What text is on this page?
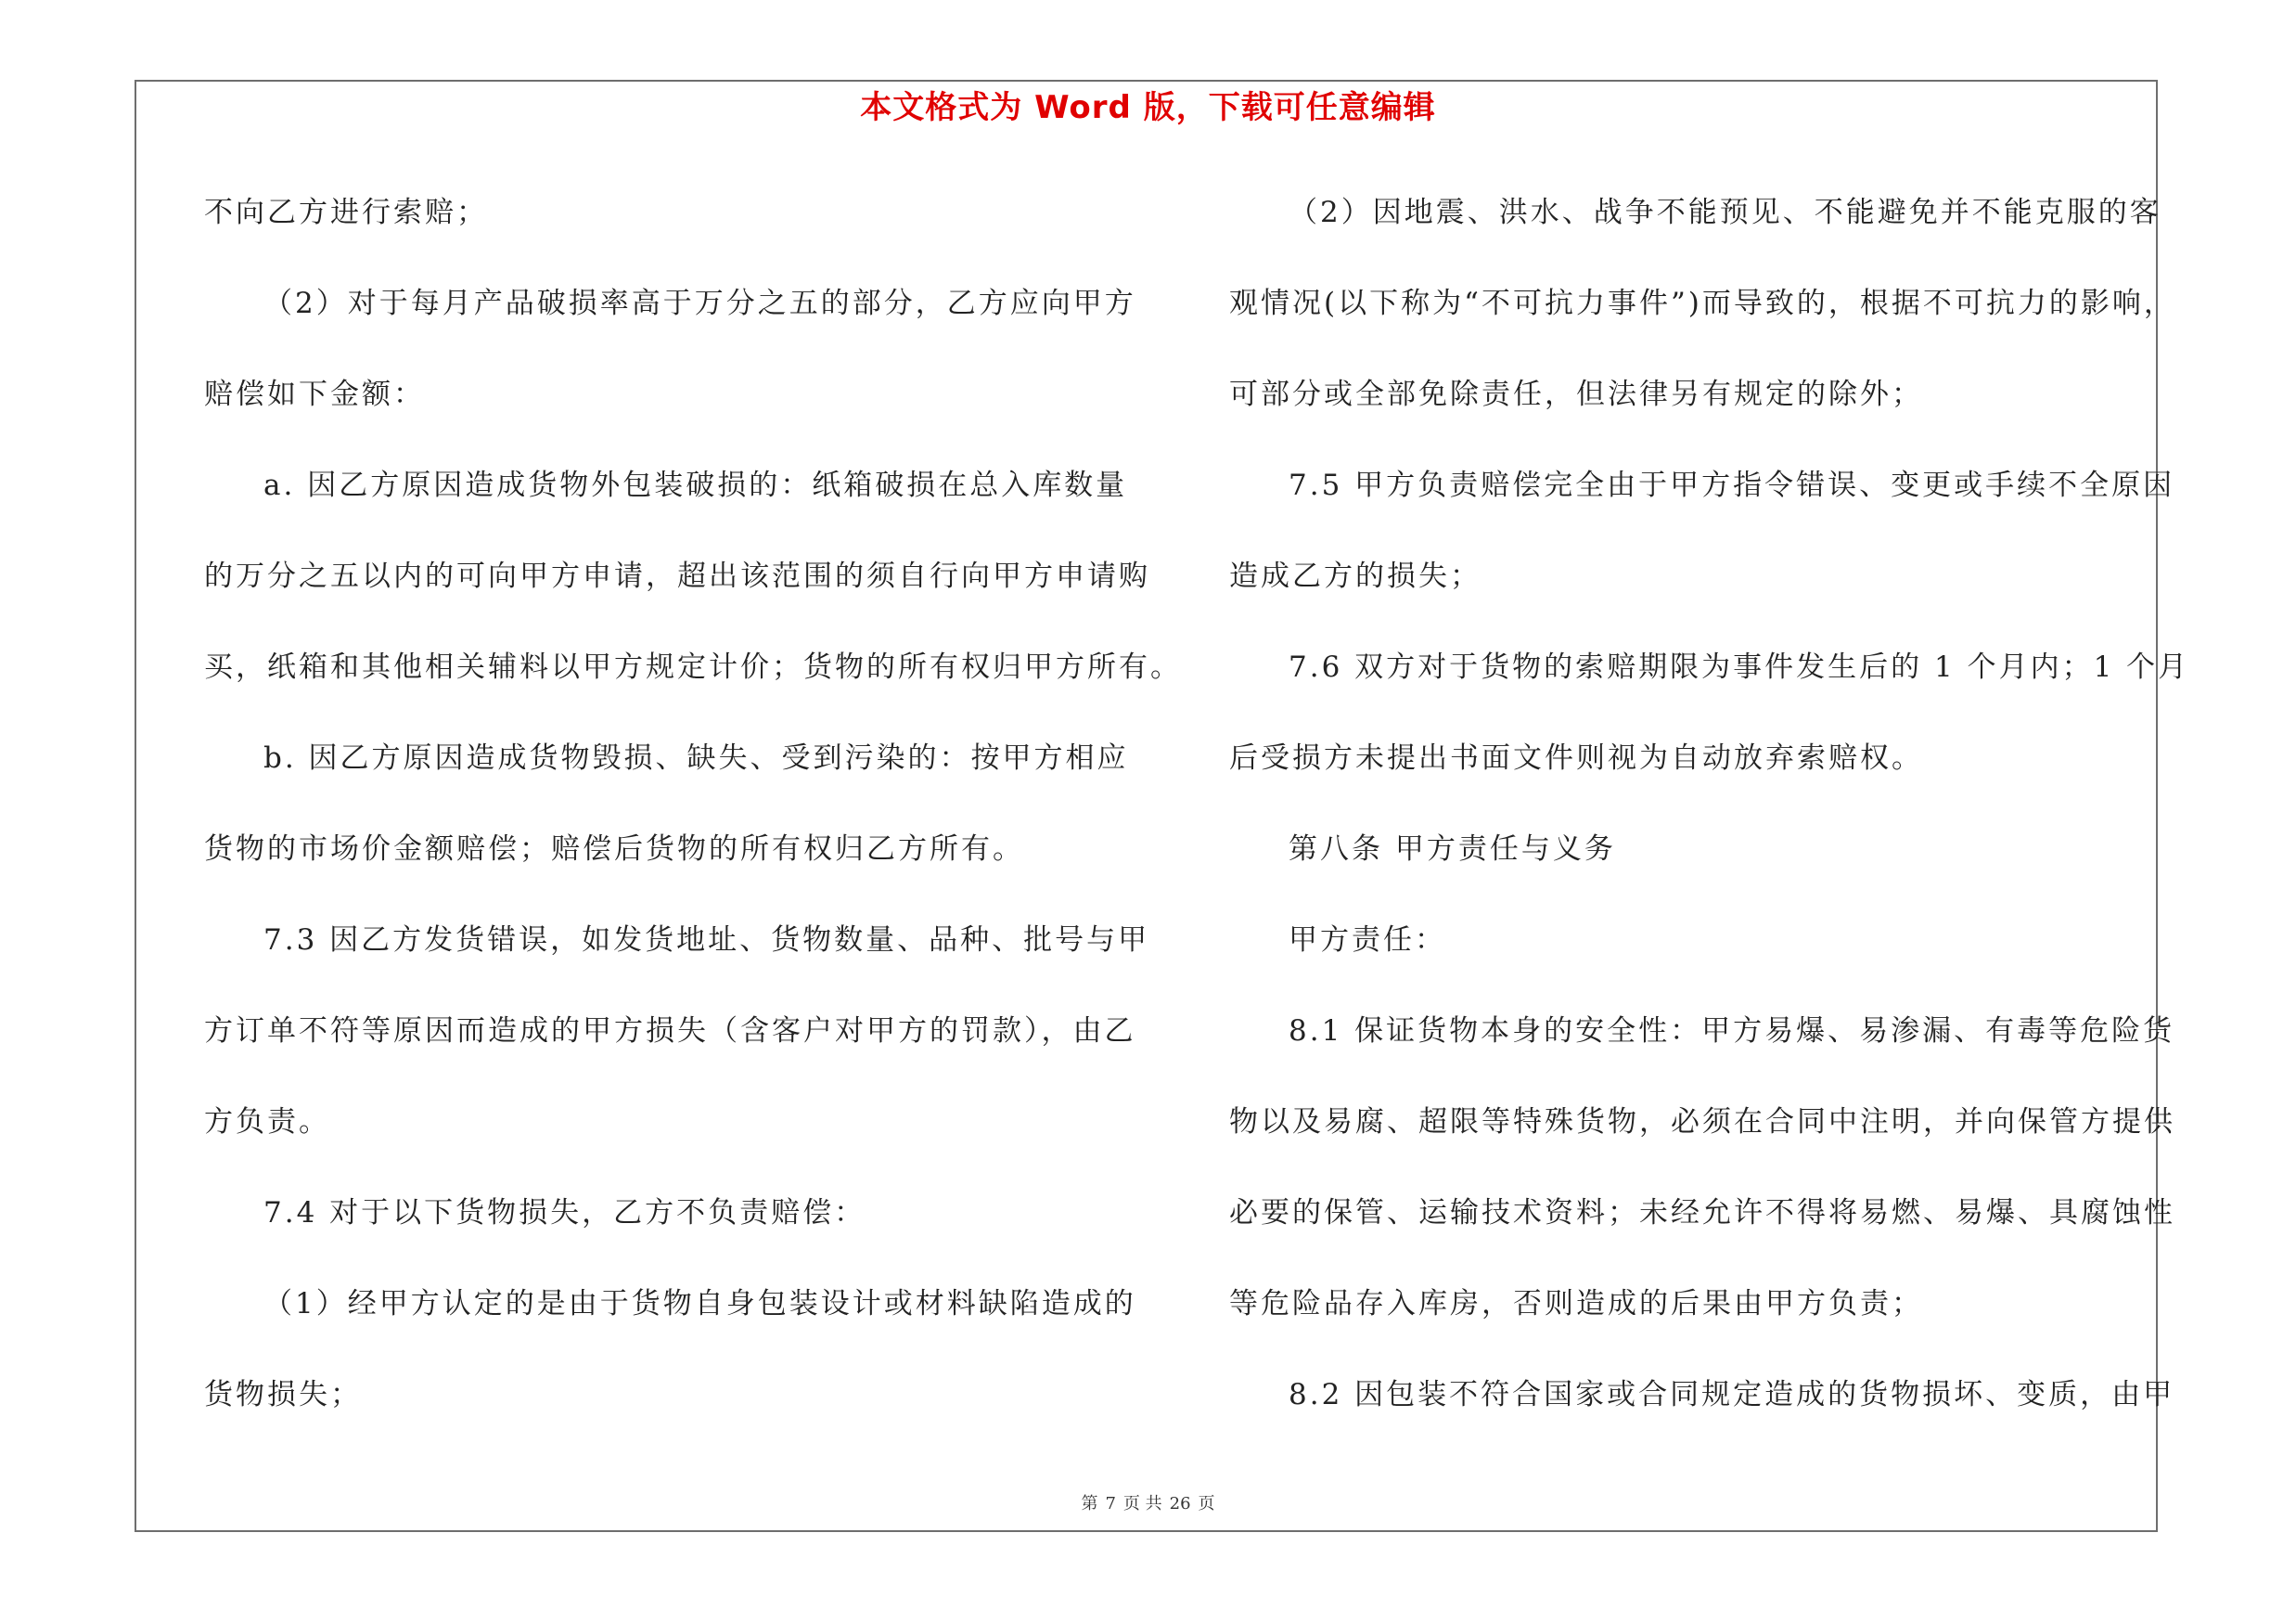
本文格式为 Word 版，下载可任意编辑
不向乙方进行索赔；
（2）对于每月产品破损率高于万分之五的部分，乙方应向甲方
赔偿如下金额：
a. 因乙方原因造成货物外包装破损的：纸箱破损在总入库数量
的万分之五以内的可向甲方申请，超出该范围的须自行向甲方申请购
买，纸箱和其他相关辅料以甲方规定计价；货物的所有权归甲方所有。
b. 因乙方原因造成货物毁损、缺失、受到污染的：按甲方相应
货物的市场价金额赔偿；赔偿后货物的所有权归乙方所有。
7.3 因乙方发货错误，如发货地址、货物数量、品种、批号与甲
方订单不符等原因而造成的甲方损失（含客户对甲方的罚款），由乙
方负责。
7.4 对于以下货物损失，乙方不负责赔偿：
（1）经甲方认定的是由于货物自身包装设计或材料缺陷造成的
货物损失；
（2）因地震、洪水、战争不能预见、不能避免并不能克服的客
观情况(以下称为“不可抗力事件”)而导致的，根据不可抗力的影响，
可部分或全部免除责任，但法律另有规定的除外；
7.5 甲方负责赔偿完全由于甲方指令错误、变更或手续不全原因
造成乙方的损失；
7.6 双方对于货物的索赔期限为事件发生后的 1 个月内；1 个月
后受损方未提出书面文件则视为自动放弃索赔权。
第八条 甲方责任与义务
甲方责任：
8.1 保证货物本身的安全性：甲方易爆、易渗漏、有毒等危险货
物以及易腐、超限等特殊货物，必须在合同中注明，并向保管方提供
必要的保管、运输技术资料；未经允许不得将易燃、易爆、具腐蚀性
等危险品存入库房，否则造成的后果由甲方负责；
8.2 因包装不符合国家或合同规定造成的货物损坏、变质，由甲
第 7 页 共 26 页
